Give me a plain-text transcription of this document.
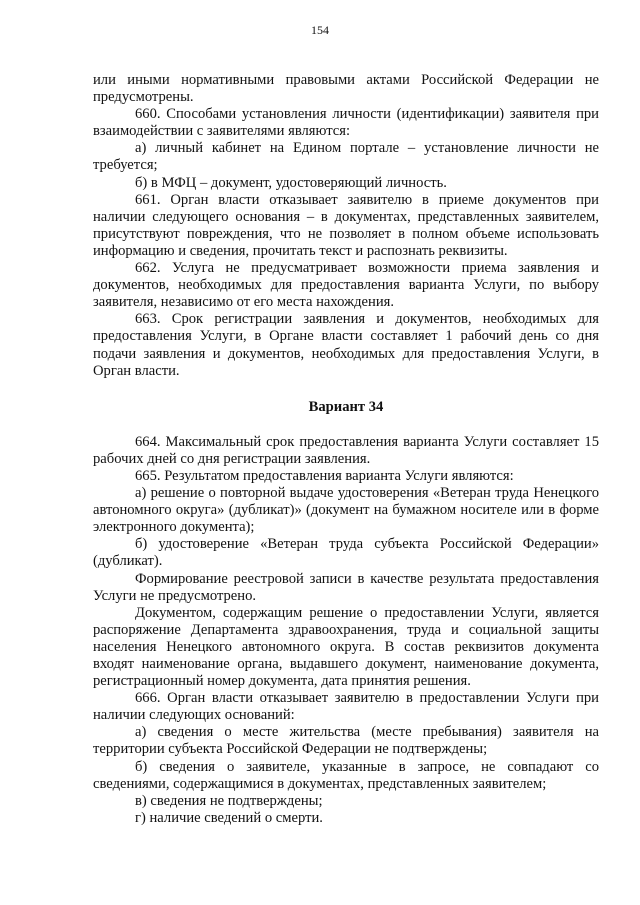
154

или иными нормативными правовыми актами Российской Федерации не предусмотрены.

660. Способами установления личности (идентификации) заявителя при взаимодействии с заявителями являются:

а) личный кабинет на Едином портале – установление личности не требуется;

б) в МФЦ – документ, удостоверяющий личность.

661. Орган власти отказывает заявителю в приеме документов при наличии следующего основания – в документах, представленных заявителем, присутствуют повреждения, что не позволяет в полном объеме использовать информацию и сведения, прочитать текст и распознать реквизиты.

662. Услуга не предусматривает возможности приема заявления и документов, необходимых для предоставления варианта Услуги, по выбору заявителя, независимо от его места нахождения.

663. Срок регистрации заявления и документов, необходимых для предоставления Услуги, в Органе власти составляет 1 рабочий день со дня подачи заявления и документов, необходимых для предоставления Услуги, в Орган власти.

Вариант 34

664. Максимальный срок предоставления варианта Услуги составляет 15 рабочих дней со дня регистрации заявления.

665. Результатом предоставления варианта Услуги являются:

а) решение о повторной выдаче удостоверения «Ветеран труда Ненецкого автономного округа» (дубликат)» (документ на бумажном носителе или в форме электронного документа);

б) удостоверение «Ветеран труда субъекта Российской Федерации» (дубликат).

Формирование реестровой записи в качестве результата предоставления Услуги не предусмотрено.

Документом, содержащим решение о предоставлении Услуги, является распоряжение Департамента здравоохранения, труда и социальной защиты населения Ненецкого автономного округа. В состав реквизитов документа входят наименование органа, выдавшего документ, наименование документа, регистрационный номер документа, дата принятия решения.

666. Орган власти отказывает заявителю в предоставлении Услуги при наличии следующих оснований:

а) сведения о месте жительства (месте пребывания) заявителя на территории субъекта Российской Федерации не подтверждены;

б) сведения о заявителе, указанные в запросе, не совпадают со сведениями, содержащимися в документах, представленных заявителем;

в) сведения не подтверждены;

г) наличие сведений о смерти.
